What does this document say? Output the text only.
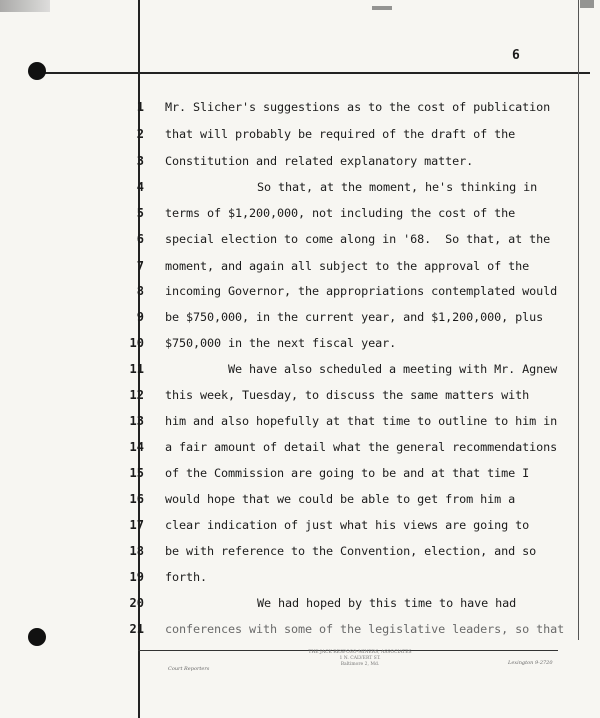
6
1 Mr. Slicher's suggestions as to the cost of publication
2 that will probably be required of the draft of the
3 Constitution and related explanatory matter.
4	So that, at the moment, he's thinking in
5 terms of $1,200,000, not including the cost of the
6 special election to come along in '68.  So that, at the
7 moment, and again all subject to the approval of the
8 incoming Governor, the appropriations contemplated would
9 be $750,000, in the current year, and $1,200,000, plus
10 $750,000 in the next fiscal year.
11	We have also scheduled a meeting with Mr. Agnew
12 this week, Tuesday, to discuss the same matters with
13 him and also hopefully at that time to outline to him in
14 a fair amount of detail what the general recommendations
15 of the Commission are going to be and at that time I
16 would hope that we could be able to get from him a
17 clear indication of just what his views are going to
18 be with reference to the Convention, election, and so
19 forth.
20	We had hoped by this time to have had
21 conferences with some of the legislative leaders, so that
Court Reporters
THE JACK RESPOSO-MINERS, ASSOCIATES
1 N. CALVERT ST.
Baltimore 2, Md.	Lexington 9-2720
